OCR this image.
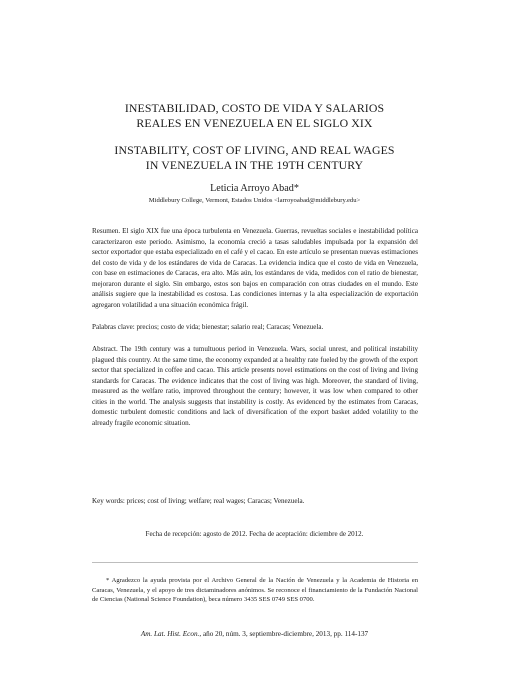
INESTABILIDAD, COSTO DE VIDA Y SALARIOS
REALES EN VENEZUELA EN EL SIGLO XIX
INSTABILITY, COST OF LIVING, AND REAL WAGES
IN VENEZUELA IN THE 19TH CENTURY
Leticia Arroyo Abad*
Middlebury College, Vermont, Estados Unidos <larroyoabad@middlebury.edu>

Resumen. El siglo XIX fue una época turbulenta en Venezuela. Guerras, revueltas sociales e inestabilidad política caracterizaron este periodo. Asimismo, la economía creció a tasas saludables impulsada por la expansión del sector exportador que estaba especializado en el café y el cacao. En este artículo se presentan nuevas estimaciones del costo de vida y de los estándares de vida de Caracas. La evidencia indica que el costo de vida en Venezuela, con base en estimaciones de Caracas, era alto. Más aún, los estándares de vida, medidos con el ratio de bienestar, mejoraron durante el siglo. Sin embargo, estos son bajos en comparación con otras ciudades en el mundo. Este análisis sugiere que la inestabilidad es costosa. Las condiciones internas y la alta especialización de exportación agregaron volatilidad a una situación económica frágil.

Palabras clave: precios; costo de vida; bienestar; salario real; Caracas; Venezuela.

Abstract. The 19th century was a tumultuous period in Venezuela. Wars, social unrest, and political instability plagued this country. At the same time, the economy expanded at a healthy rate fueled by the growth of the export sector that specialized in coffee and cacao. This article presents novel estimations on the cost of living and living standards for Caracas. The evidence indicates that the cost of living was high. Moreover, the standard of living, measured as the welfare ratio, improved throughout the century; however, it was low when compared to other cities in the world. The analysis suggests that instability is costly. As evidenced by the estimates from Caracas, domestic turbulent domestic conditions and lack of diversification of the export basket added volatility to the already fragile economic situation.

Key words: prices; cost of living; welfare; real wages; Caracas; Venezuela.

Fecha de recepción: agosto de 2012. Fecha de aceptación: diciembre de 2012.

* Agradezco la ayuda provista por el Archivo General de la Nación de Venezuela y la Academia de Historia en Caracas, Venezuela, y el apoyo de tres dictaminadores anónimos. Se reconoce el financiamiento de la Fundación Nacional de Ciencias (National Science Foundation), beca número 3435 SES 0749 SES 0700.

Am. Lat. Hist. Econ., año 20, núm. 3, septiembre-diciembre, 2013, pp. 114-137
